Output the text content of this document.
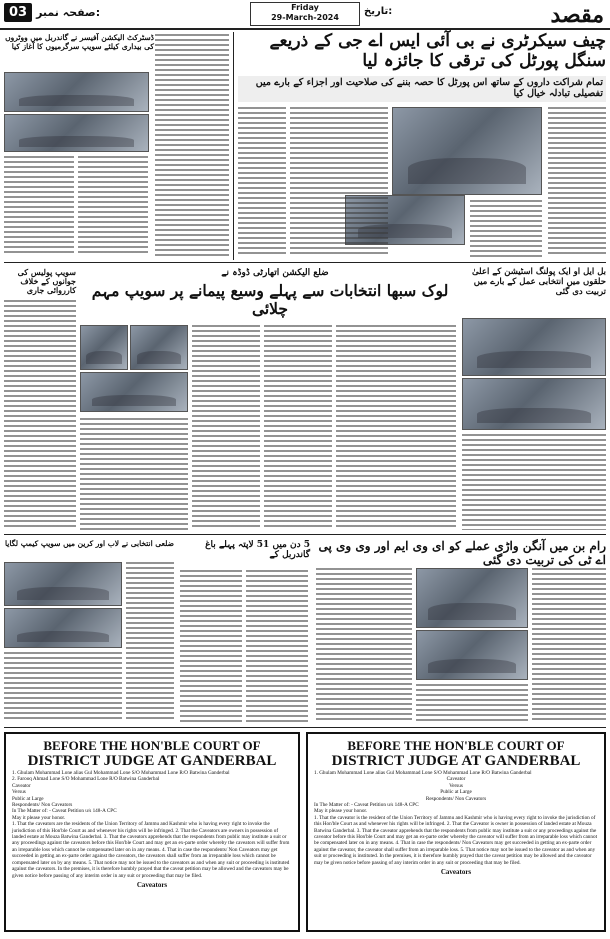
03 صفحہ نمبر:	Friday
29-March-2024
تاریخ:	مقصد
چیف سیکرٹری نے بی آئی ایس اے جی کے ذریعے سنگل پورٹل کی ترقی کا جائزہ لیا
تمام شراکت داروں کے ساتھ اس پورٹل کا حصہ بننے کی صلاحیت اور اجزاء کے بارے میں تفصیلی تبادلہ خیال کیا
ڈسٹرکٹ الیکشن آفیسر نے گاندربل میں ووٹروں کی بیداری کیلئے سویپ سرگرمیوں کا آغاز کیا
ضلع الیکشن اتھارٹی ڈوڈہ نے
لوک سبھا انتخابات سے پہلے وسیع پیمانے پر سویپ مہم چلائی
سویپ پولیس کی جوانوں کے خلاف کارروائی جاری
بل ایل او ایک پولنگ اسٹیشن کے اعلیٰ حلقوں میں انتخابی عمل کے بارے میں تربیت دی گئی
ضلعی انتخابی نے لاب اور کرین میں سویپ کیمپ لگایا	5 دن میں 51 لاپتہ پہلے باغ گاندربل کے
رام بن میں آنگن واڑی عملے کو ای وی ایم اور وی وی پی اے ٹی کی تربیت دی گئی
BEFORE THE HON'BLE COURT OF
DISTRICT JUDGE AT GANDERBAL

1. Ghulam Mohammad Lone alias Gul Mohammad Lone S/O Mohammad Lone R/O Batwina Ganderbal

2. Farooq Ahmad Lone S/O Mohammad Lone R/O Batwina Ganderbal

Caveator

Versus

Public at Large

Respondents/ Non Caveators

In The Matter of: - Caveat Petition u/s 148-A CPC

May it please your honor.

1. That the caveators are the residents of the Union Territory of Jammu and Kashmir who is having every right to invoke the jurisdiction of this Hon'ble Court as and whenever his rights will be infringed. 2. That the Caveators are owners in possession of landed estate at Mouza Batwina Ganderbal. 3. That the caveators apprehends that the respondents from public may institute a suit or any proceedings against the caveators before this Hon'ble Court and may get an ex-parte order whereby the caveators will suffer from an irreparable loss which cannot be compensated later on in any means. 4. That in case the respondents/ Non Caveators may get succeeded in getting an ex-parte order against the caveators, the caveators shall suffer from an irreparable loss which cannot be compensated later on by any means. 5. That notice may not be issued to the caveators as and when any suit or proceeding is instituted against the caveators. In the premises, it is therefore humbly prayed that the caveat petition may be allowed and the caveators may be given notice before passing of any interim order in any suit or proceeding that may be filed.

Caveators
BEFORE THE HON'BLE COURT OF
DISTRICT JUDGE AT GANDERBAL

1. Ghulam Mohammad Lone alias Gul Mohammad Lone S/O Mohammad Lone R/O Batwina Ganderbal

Caveator

Versus

Public at Large

Respondents/ Non Caveators

In The Matter of: - Caveat Petition u/s 148-A CPC

May it please your honor.

1. That the caveator is the resident of the Union Territory of Jammu and Kashmir who is having every right to invoke the jurisdiction of this Hon'ble Court as and whenever his rights will be infringed. 2. That the Caveator is owner in possession of landed estate at Mouza Batwina Ganderbal. 3. That the caveator apprehends that the respondents from public may institute a suit or any proceedings against the caveator before this Hon'ble Court and may get an ex-parte order whereby the caveator will suffer from an irreparable loss which cannot be compensated later on in any means. 4. That in case the respondents/ Non Caveators may get succeeded in getting an ex-parte order against the caveator, the caveator shall suffer from an irreparable loss. 5. That notice may not be issued to the caveator as and when any suit or proceeding is instituted. In the premises, it is therefore humbly prayed that the caveat petition may be allowed and the caveator may be given notice before passing of any interim order in any suit or proceeding that may be filed.

Caveators
